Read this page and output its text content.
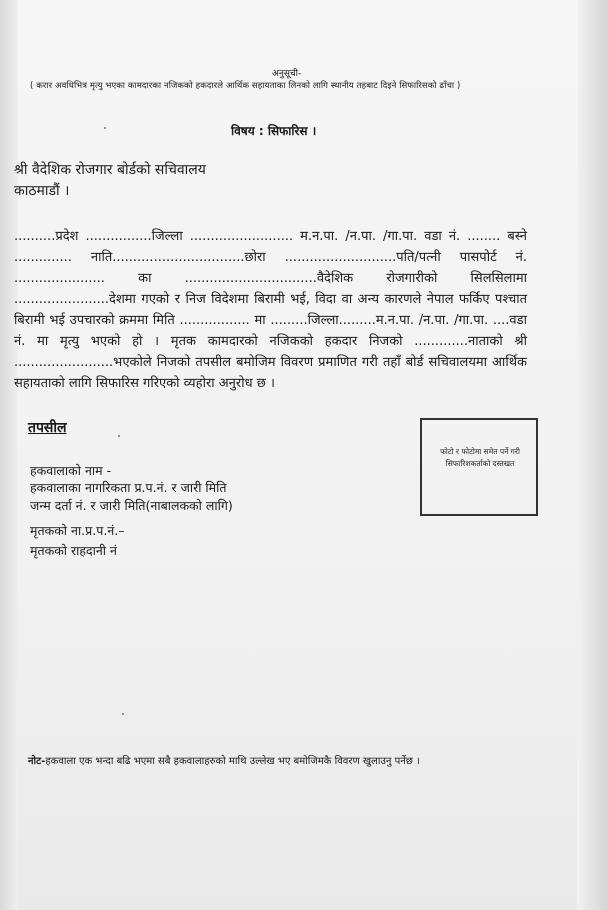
अनुसूची-
( करार अवधिभित्र मृत्यु भएका कामदारका नजिकको हकदारले आर्थिक सहायताका लिनको लागि स्थानीय तहबाट दिइने सिफारिसको ढाँचा )
विषय : सिफारिस ।
श्री वैदेशिक रोजगार बोर्डको सचिवालय
काठमाडौं ।

..........प्रदेश ................जिल्ला ......................... म.न.पा. /न.पा. /गा.पा. वडा नं. ........ बस्ने .............. नाति................................छोरा ...........................पति/पत्नी पासपोर्ट नं. ...................... का ................................वैदेशिक रोजगारीको सिलसिलामा .......................देशमा गएको र निज विदेशमा बिरामी भई, विदा वा अन्य कारणले नेपाल फर्किए पश्चात बिरामी भई उपचारको क्रममा मिति ................. मा .........जिल्ला.........म.न.पा. /न.पा. /गा.पा. ....वडा नं. मा मृत्यु भएको हो । मृतक कामदारको नजिकको हकदार निजको .............नाताको श्री ........................भएकोले निजको तपसील बमोजिम विवरण प्रमाणित गरी तहाँ बोर्ड सचिवालयमा आर्थिक सहायताको लागि सिफारिस गरिएको व्यहोरा अनुरोध छ ।

तपसील
फोटो र फोटोमा समेत पर्ने गरी सिफारिशकर्ताको दस्तखत
हकवालाको नाम -
हकवालाका नागरिकता प्र.प.नं. र जारी मिति
जन्म दर्ता नं. र जारी मिति(नाबालकको लागि)
मृतकको ना.प्र.प.नं.–
मृतकको राहदानी नं
नोट-हकवाला एक भन्दा बढि भएमा सबै हकवालाहरुको माथि उल्लेख भए बमोजिमकै विवरण खुलाउनु पर्नेछ ।
